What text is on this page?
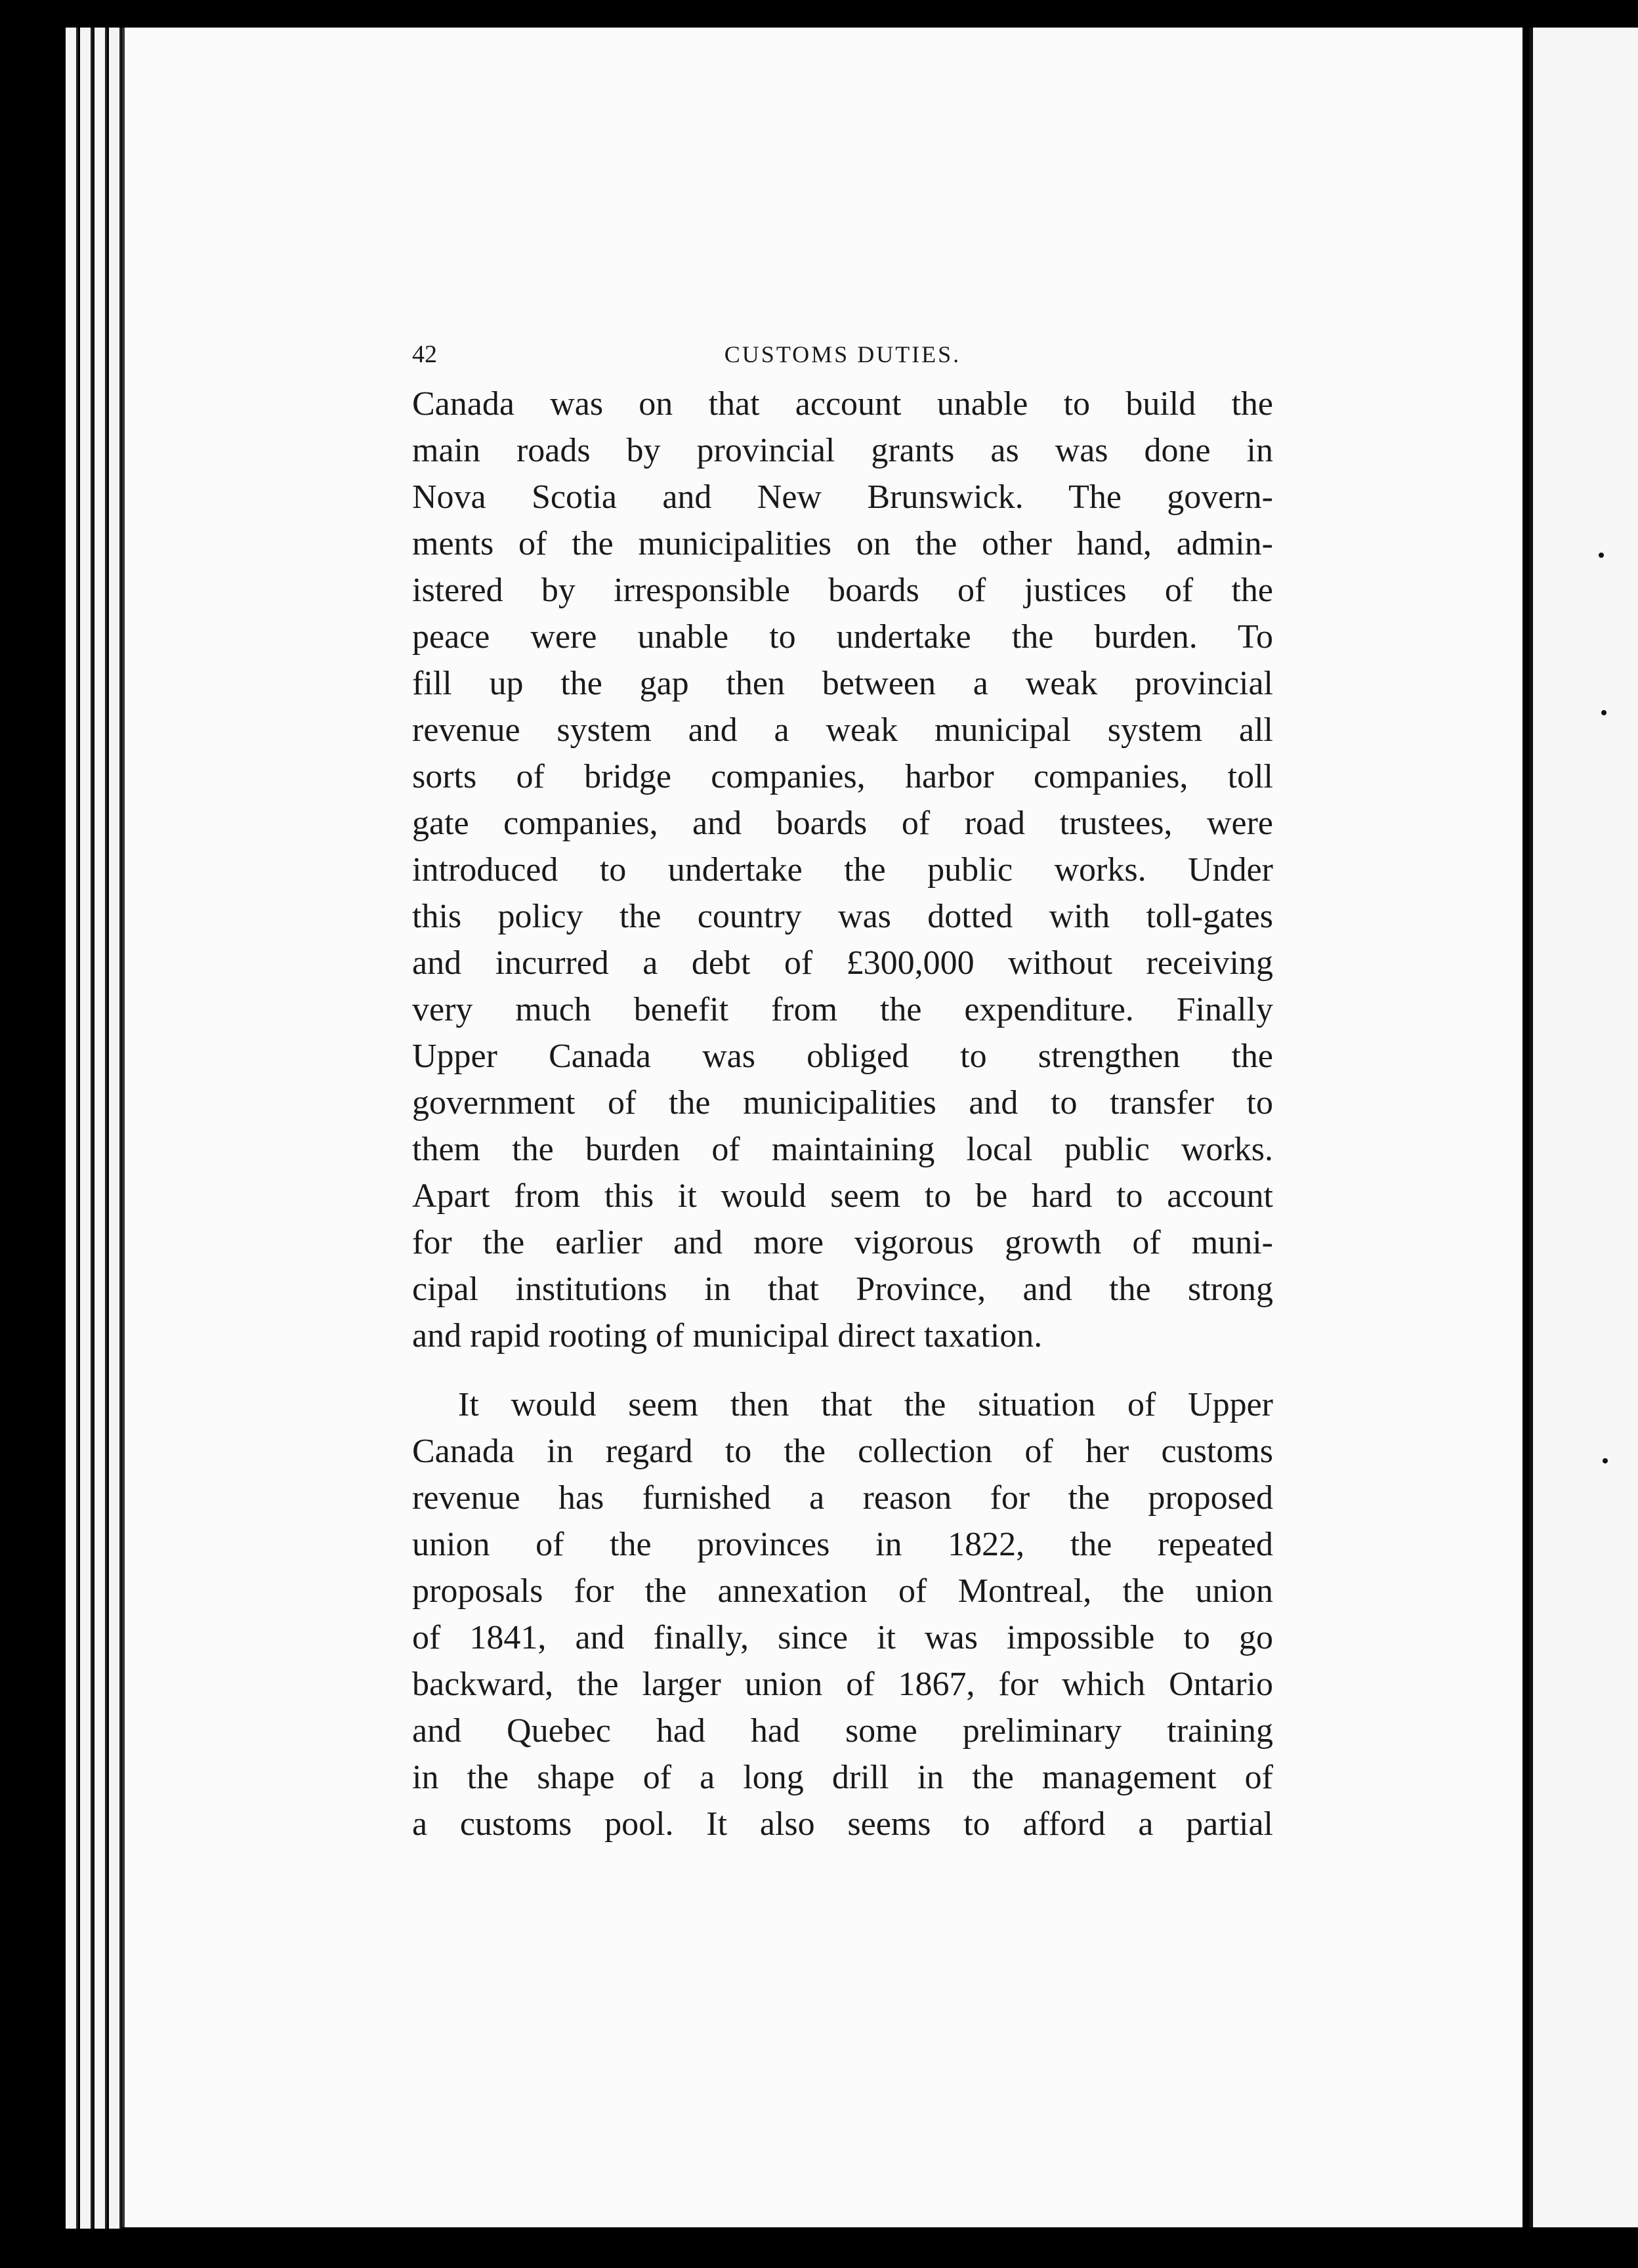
42	CUSTOMS DUTIES.

Canada was on that account unable to build the
main roads by provincial grants as was done in
Nova Scotia and New Brunswick. The govern-
ments of the municipalities on the other hand, admin-
istered by irresponsible boards of justices of the
peace were unable to undertake the burden. To
fill up the gap then between a weak provincial
revenue system and a weak municipal system all
sorts of bridge companies, harbor companies, toll
gate companies, and boards of road trustees, were
introduced to undertake the public works. Under
this policy the country was dotted with toll-gates
and incurred a debt of £300,000 without receiving
very much benefit from the expenditure. Finally
Upper Canada was obliged to strengthen the
government of the municipalities and to transfer to
them the burden of maintaining local public works.
Apart from this it would seem to be hard to account
for the earlier and more vigorous growth of muni-
cipal institutions in that Province, and the strong
and rapid rooting of municipal direct taxation.

It would seem then that the situation of Upper
Canada in regard to the collection of her customs
revenue has furnished a reason for the proposed
union of the provinces in 1822, the repeated
proposals for the annexation of Montreal, the union
of 1841, and finally, since it was impossible to go
backward, the larger union of 1867, for which Ontario
and Quebec had had some preliminary training
in the shape of a long drill in the management of
a customs pool. It also seems to afford a partial
